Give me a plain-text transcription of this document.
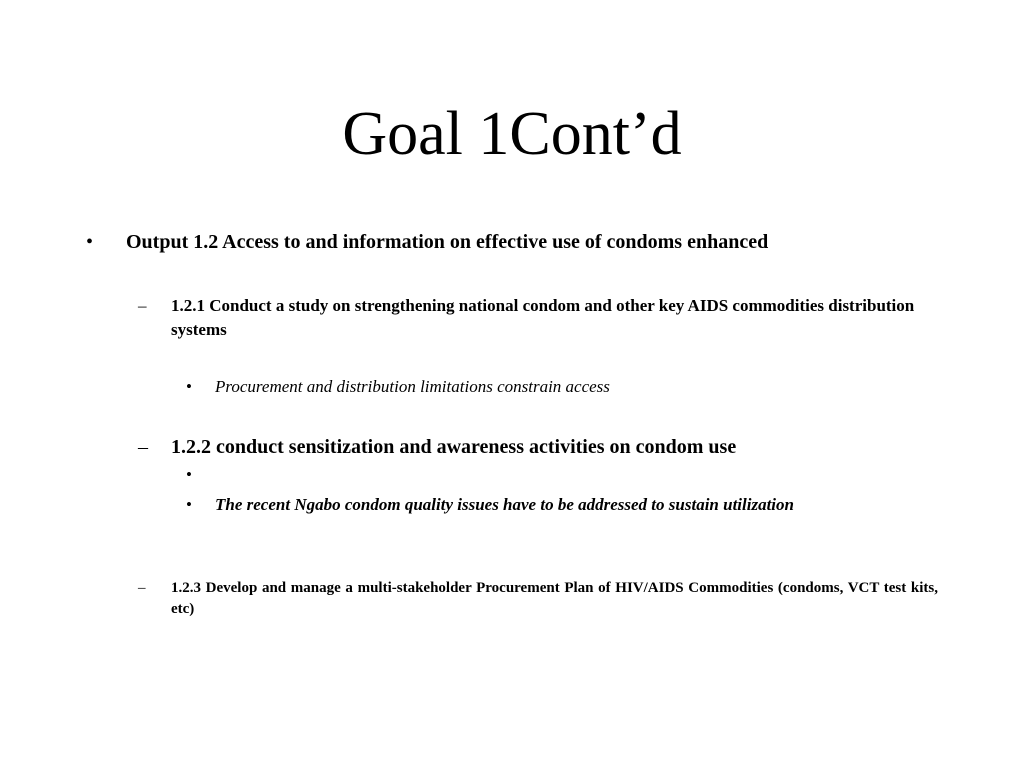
Goal 1Cont’d
•	Output 1.2 Access to and information on effective use of condoms enhanced
–	1.2.1 Conduct a study on strengthening national condom and other key AIDS commodities distribution systems
•	Procurement and distribution limitations constrain access
–	1.2.2 conduct sensitization and awareness activities on condom use
•
•	The recent Ngabo condom quality issues have to be addressed to sustain utilization
–	1.2.3 Develop and manage a multi-stakeholder Procurement Plan of HIV/AIDS Commodities (condoms, VCT test kits, etc)
